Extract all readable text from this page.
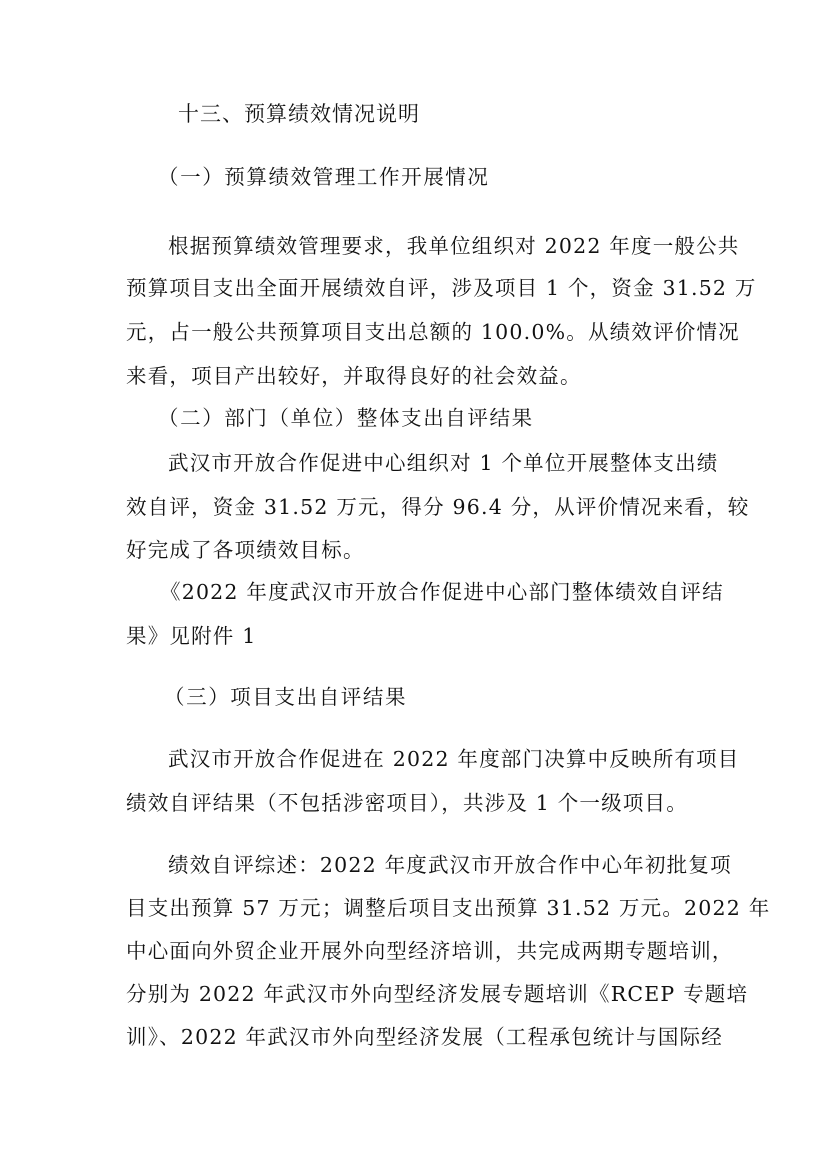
十三、预算绩效情况说明
（一）预算绩效管理工作开展情况
根据预算绩效管理要求，我单位组织对 2022 年度一般公共
预算项目支出全面开展绩效自评，涉及项目 1 个，资金 31.52 万
元，占一般公共预算项目支出总额的 100.0%。从绩效评价情况
来看，项目产出较好，并取得良好的社会效益。
（二）部门（单位）整体支出自评结果
武汉市开放合作促进中心组织对 1 个单位开展整体支出绩
效自评，资金 31.52 万元，得分 96.4 分，从评价情况来看，较
好完成了各项绩效目标。
《2022 年度武汉市开放合作促进中心部门整体绩效自评结
果》见附件 1
（三）项目支出自评结果
武汉市开放合作促进在 2022 年度部门决算中反映所有项目
绩效自评结果（不包括涉密项目），共涉及 1 个一级项目。
绩效自评综述：2022 年度武汉市开放合作中心年初批复项
目支出预算 57 万元；调整后项目支出预算 31.52 万元。2022 年
中心面向外贸企业开展外向型经济培训，共完成两期专题培训，
分别为 2022 年武汉市外向型经济发展专题培训《RCEP 专题培
训》、2022 年武汉市外向型经济发展（工程承包统计与国际经
